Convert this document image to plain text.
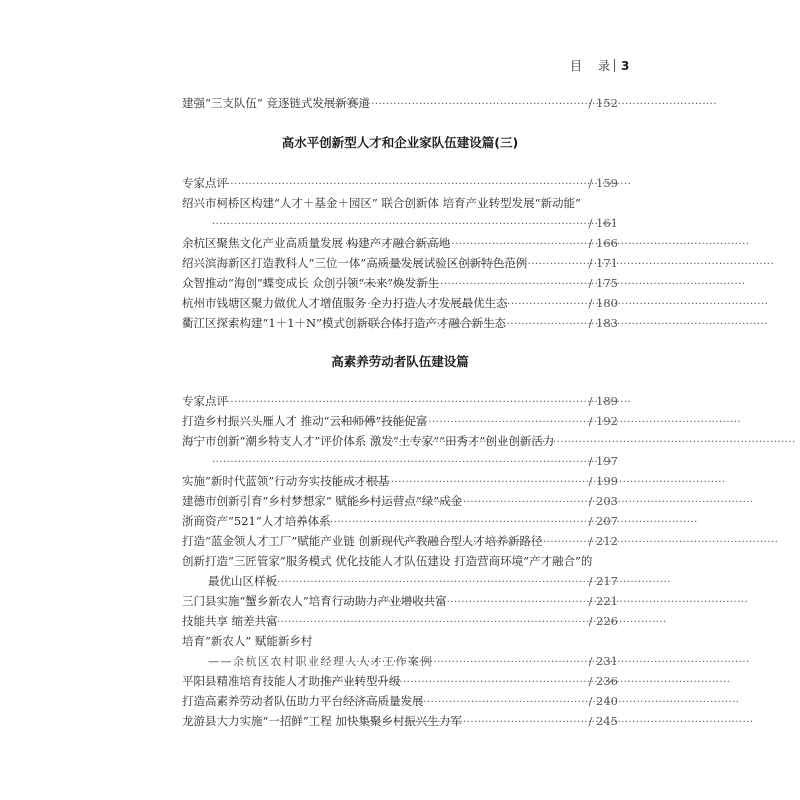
目 录 3
建强“三支队伍” 竞逐链式发展新赛道 ·····	/ 152
高水平创新型人才和企业家队伍建设篇(三)
专家点评 ·····	/ 159
绍兴市柯桥区构建“人才＋基金＋园区” 联合创新体 培育产业转型发展“新动能”
·····
/ 161
余杭区聚焦文化产业高质量发展 构建产才融合新高地 ·····	/ 166
绍兴滨海新区打造教科人“三位一体”高质量发展试验区创新特色范例 ·····	/ 171
众智推动“海创”蝶变成长 众创引领“未来”焕发新生 ·····	/ 175
杭州市钱塘区聚力做优人才增值服务 全力打造人才发展最优生态 ·····	/ 180
衢江区探索构建“1＋1＋N”模式创新联合体打造产才融合新生态 ·····	/ 183
高素养劳动者队伍建设篇
专家点评 ·····	/ 189
打造乡村振兴头雁人才 推动“云和师傅”技能促富 ·····	/ 192
海宁市创新“潮乡特支人才”评价体系 激发“土专家”“田秀才”创业创新活力
·····
·····
/ 197
实施“新时代蓝领”行动夯实技能成才根基 ·····	/ 199
建德市创新引育“乡村梦想家” 赋能乡村运营点“绿”成金 ·····	/ 203
浙商资产“521”人才培养体系 ·····	/ 207
打造“蓝金领人才工厂”赋能产业链 创新现代产教融合型人才培养新路径 ·····	/ 212
创新打造“三匠管家”服务模式 优化技能人才队伍建设 打造营商环境“产才融合”的
最优山区样板 ·····	/ 217
三门县实施“蟹乡新农人”培育行动助力产业增收共富 ·····	/ 221
技能共享 缩差共富 ·····	/ 226
培育“新农人” 赋能新乡村
——余杭区农村职业经理人人才工作案例 ·····	/ 231
平阳县精准培育技能人才助推产业转型升级 ·····	/ 236
打造高素养劳动者队伍助力平台经济高质量发展 ·····	/ 240
龙游县大力实施“一招鲜”工程 加快集聚乡村振兴生力军 ·····	/ 245
